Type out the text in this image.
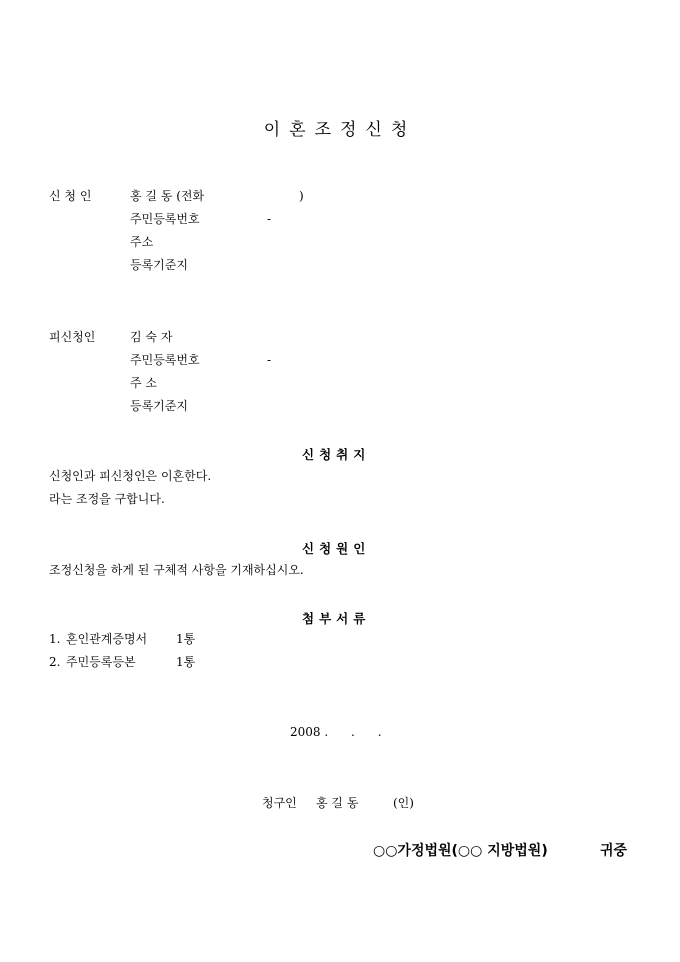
이혼조정신청
신 청 인	홍 길 동 (전화	)
주민등록번호	-
주소
등록기준지
피신청인	김 숙 자
주민등록번호	-
주 소
등록기준지
신청취지
신청인과 피신청인은 이혼한다.
라는 조정을 구합니다.
신청원인
조정신청을 하게 된 구체적 사항을 기재하십시오.
첨부서류
1. 혼인관계증명서 1통
2. 주민등록등본	1통
2008 .      .      .
청구인 홍 길 동	(인)
○○가정법원(○○ 지방법원)	귀중
